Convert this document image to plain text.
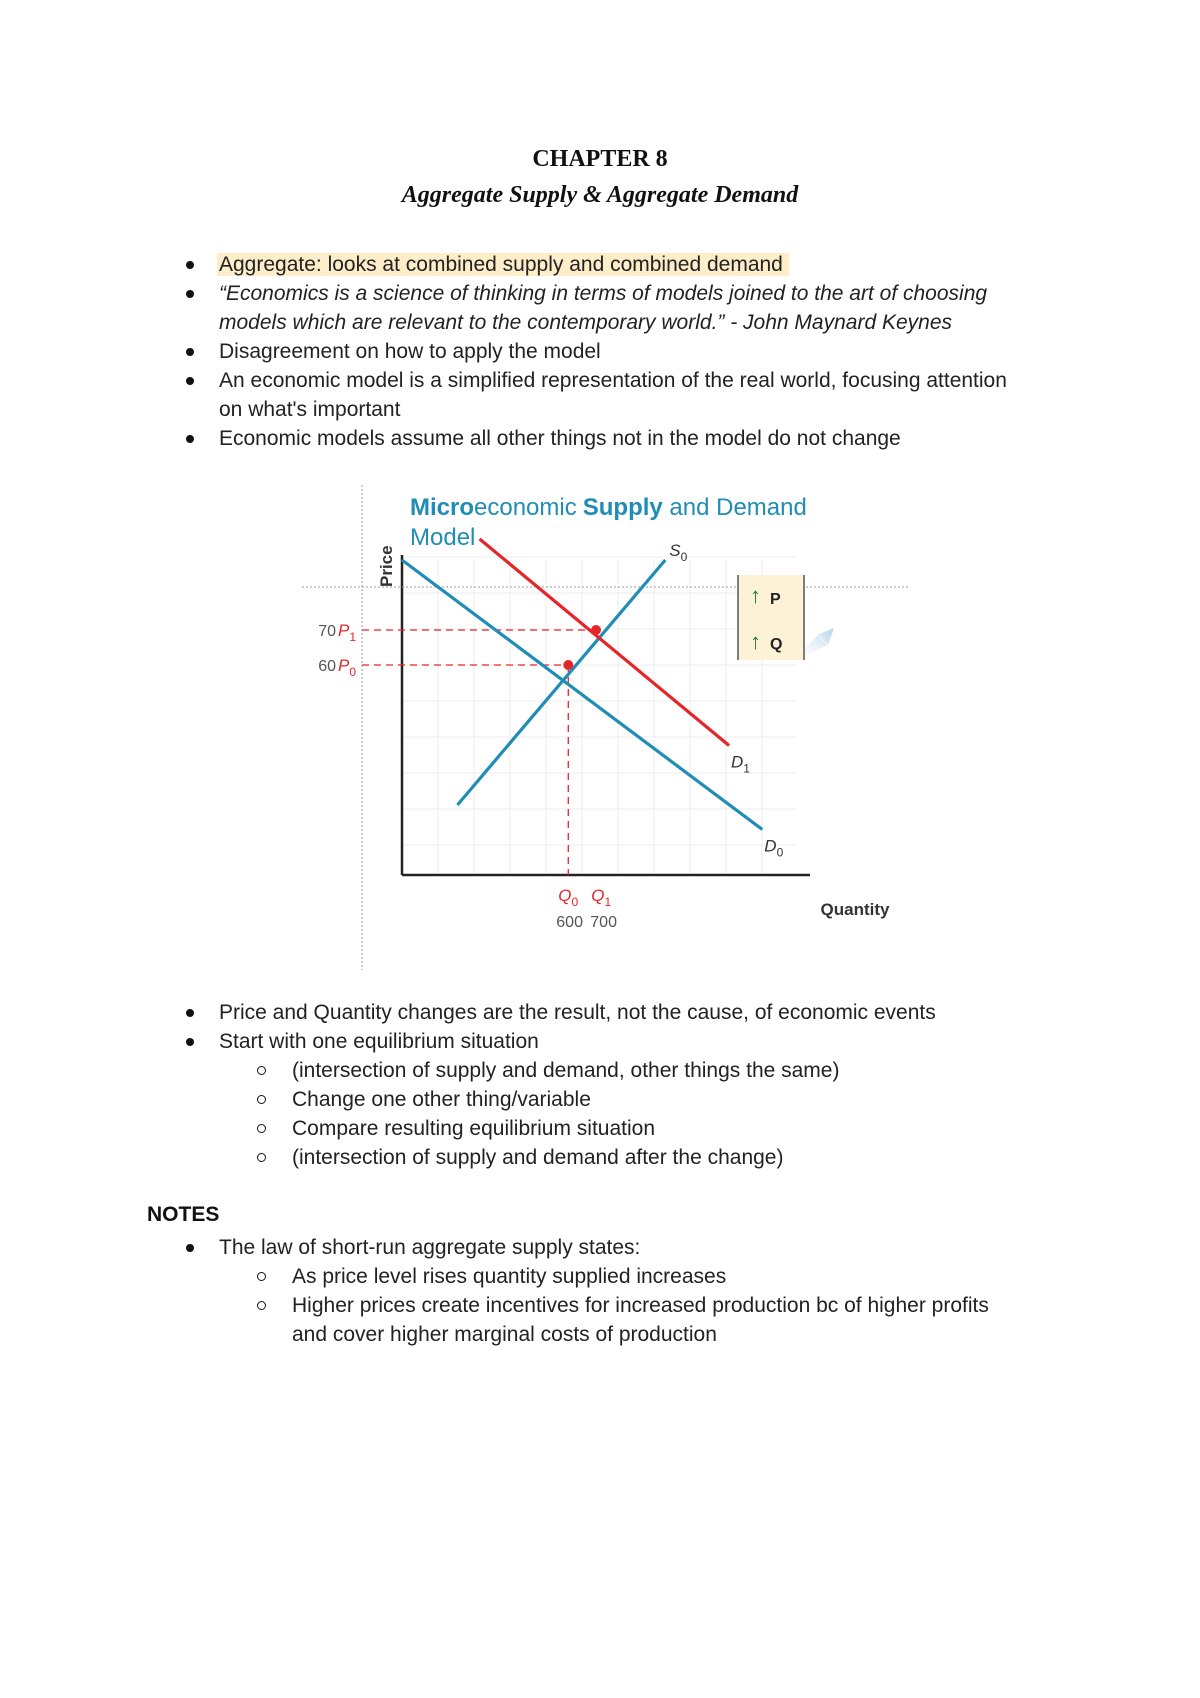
CHAPTER 8
Aggregate Supply & Aggregate Demand
Aggregate: looks at combined supply and combined demand
“Economics is a science of thinking in terms of models joined to the art of choosing
models which are relevant to the contemporary world.” - John Maynard Keynes
Disagreement on how to apply the model
An economic model is a simplified representation of the real world, focusing attention
on what's important
Economic models assume all other things not in the model do not change
Microeconomic Supply and Demand
Model
Price
Quantity
$S_0$
$D_0$
$D_1$
60 $P_0$
$Q_0$
600
70 $P_1$
$Q_1$
700
↑ P
↑ Q
Price and Quantity changes are the result, not the cause, of economic events
Start with one equilibrium situation
(intersection of supply and demand, other things the same)
Change one other thing/variable
Compare resulting equilibrium situation
(intersection of supply and demand after the change)
NOTES
The law of short-run aggregate supply states:
As price level rises quantity supplied increases
Higher prices create incentives for increased production bc of higher profits
and cover higher marginal costs of production
